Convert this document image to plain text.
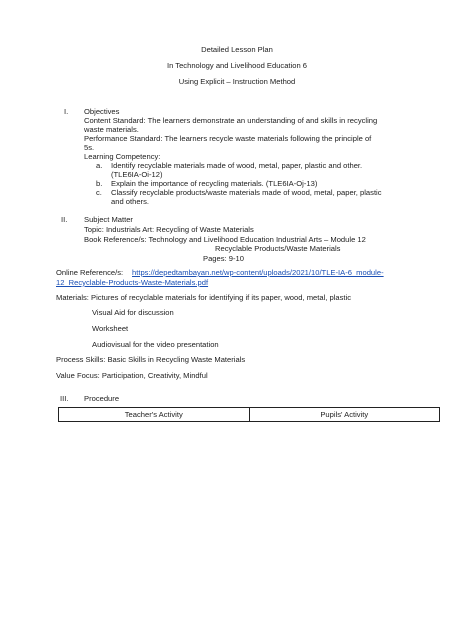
Detailed Lesson Plan
In Technology and Livelihood Education 6
Using Explicit – Instruction Method
I. Objectives
Content Standard: The learners demonstrate an understanding of and skills in recycling
waste materials.
Performance Standard: The learners recycle waste materials following the principle of
5s.
Learning Competency:
a. Identify recyclable materials made of wood, metal, paper, plastic and other.
(TLE6IA-Oi-12)
b. Explain the importance of recycling materials. (TLE6IA-Oj-13)
c. Classify recyclable products/waste materials made of wood, metal, paper, plastic
and others.
II. Subject Matter
Topic: Industrials Art: Recycling of Waste Materials
Book Reference/s: Technology and Livelihood Education Industrial Arts – Module 12
Recyclable Products/Waste Materials
Pages: 9-10
Online Reference/s: https://depedtambayan.net/wp-content/uploads/2021/10/TLE-IA-6_module-
12_Recyclable-Products-Waste-Materials.pdf
Materials: Pictures of recyclable materials for identifying if its paper, wood, metal, plastic
Visual Aid for discussion
Worksheet
Audiovisual for the video presentation
Process Skills: Basic Skills in Recycling Waste Materials
Value Focus: Participation, Creativity, Mindful
III. Procedure
Teacher's Activity	Pupils' Activity
